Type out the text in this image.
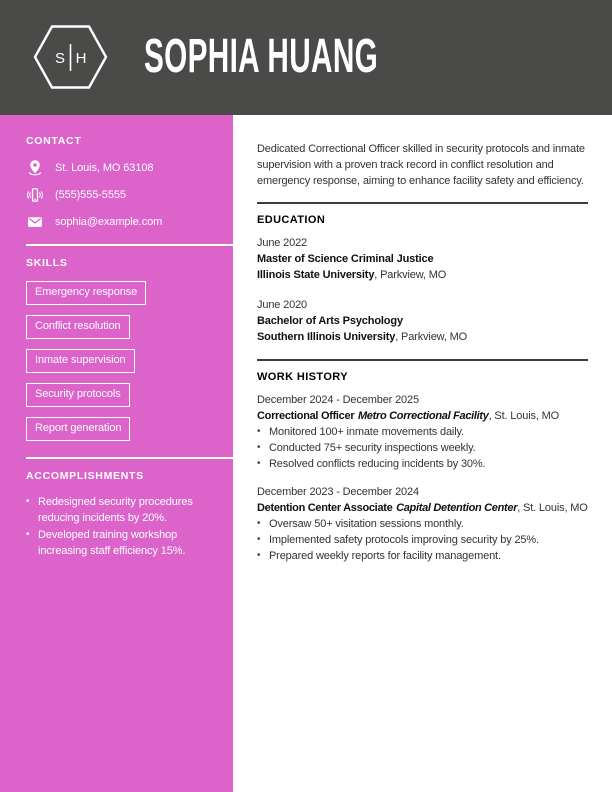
S H SOPHIA HUANG
CONTACT
St. Louis, MO 63108
(555)555-5555
sophia@example.com
SKILLS
Emergency response
Conflict resolution
Inmate supervision
Security protocols
Report generation
ACCOMPLISHMENTS
• Redesigned security procedures reducing incidents by 20%.
• Developed training workshop increasing staff efficiency 15%.

Dedicated Correctional Officer skilled in security protocols and inmate supervision with a proven track record in conflict resolution and emergency response, aiming to enhance facility safety and efficiency.

EDUCATION
June 2022
Master of Science Criminal Justice
Illinois State University, Parkview, MO
June 2020
Bachelor of Arts Psychology
Southern Illinois University, Parkview, MO
WORK HISTORY
December 2024 - December 2025
Correctional Officer Metro Correctional Facility, St. Louis, MO
• Monitored 100+ inmate movements daily.
• Conducted 75+ security inspections weekly.
• Resolved conflicts reducing incidents by 30%.
December 2023 - December 2024
Detention Center Associate Capital Detention Center, St. Louis, MO
• Oversaw 50+ visitation sessions monthly.
• Implemented safety protocols improving security by 25%.
• Prepared weekly reports for facility management.
